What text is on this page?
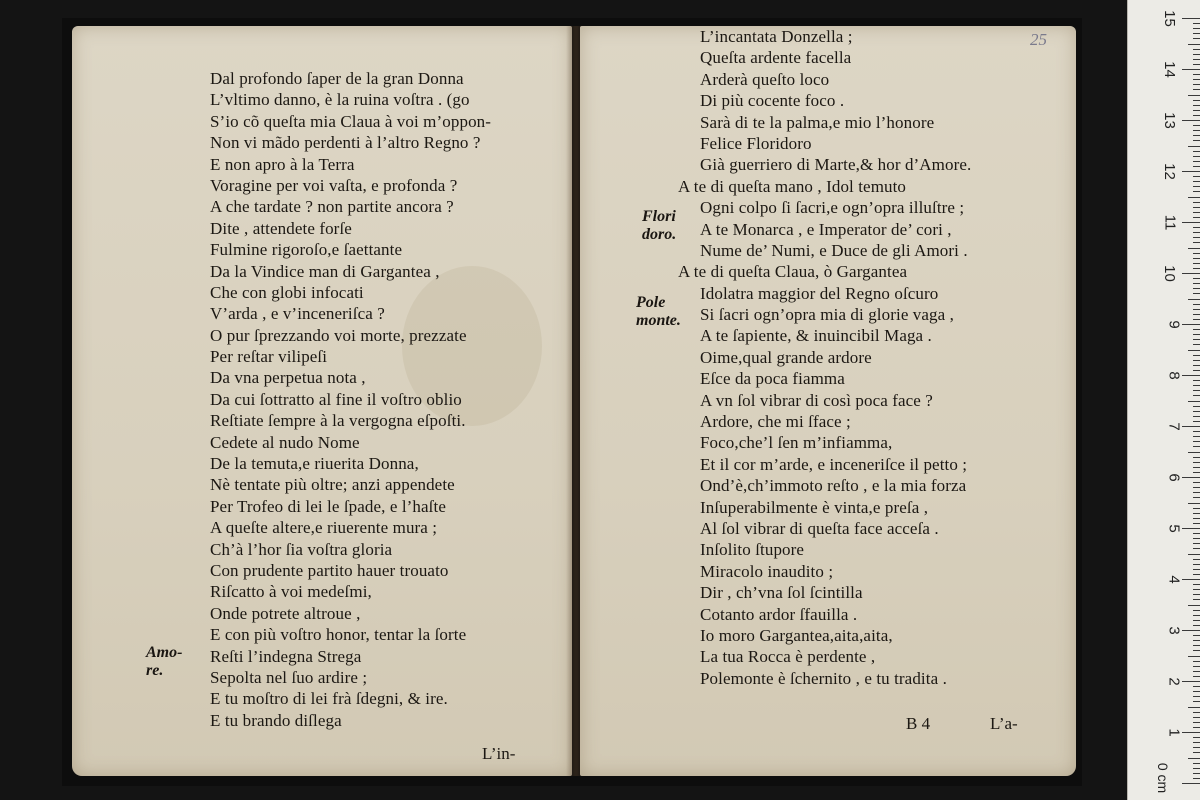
Dal profondo ſaper de la gran Donna
L’vltimo danno, è la ruina voſtra . (go
S’io cõ queſta mia Claua à voi m’oppon-
Non vi mãdo perdenti à l’altro Regno ?
E non apro à la Terra
Voragine per voi vaſta, e profonda ?
A che tardate ? non partite ancora ?
Dite , attendete forſe
Fulmine rigoroſo,e ſaettante
Da la Vindice man di Gargantea ,
Che con globi infocati
V’arda , e v’inceneriſca ?
O pur ſprezzando voi morte, prezzate
Per reſtar vilipeſi
Da vna perpetua nota ,
Da cui ſottratto al fine il voſtro oblio
Reſtiate ſempre à la vergogna eſpoſti.
Cedete al nudo Nome
De la temuta,e riuerita Donna,
Nè tentate più oltre; anzi appendete
Per Trofeo di lei le ſpade, e l’haſte
A queſte altere,e riuerente mura ;
Ch’à l’hor ſia voſtra gloria
Con prudente partito hauer trouato
Riſcatto à voi medeſmi,
Onde potrete altroue ,
E con più voſtro honor, tentar la ſorte
Reſti l’indegna Strega
Sepolta nel ſuo ardire ;
E tu moſtro di lei frà ſdegni, & ire.
E tu brando diſlega
Amo-
re.
L’in-
25
L’incantata Donzella ;
Queſta ardente facella
Arderà queſto loco
Di più cocente foco .
Sarà di te la palma,e mio l’honore
Felice Floridoro
Già guerriero di Marte,& hor d’Amore.
A te di queſta mano , Idol temuto
Ogni colpo ſi ſacri,e ogn’opra illuſtre ;
A te Monarca , e Imperator de’ cori ,
Nume de’ Numi, e Duce de gli Amori .
A te di queſta Claua, ò Gargantea
Idolatra maggior del Regno oſcuro
Si ſacri ogn’opra mia di glorie vaga ,
A te ſapiente, & inuincibil Maga .
Oime,qual grande ardore
Eſce da poca fiamma
A vn ſol vibrar di così poca face ?
Ardore, che mi ſface ;
Foco,che’l ſen m’infiamma,
Et il cor m’arde, e inceneriſce il petto ;
Ond’è,ch’immoto reſto , e la mia forza
Inſuperabilmente è vinta,e preſa ,
Al ſol vibrar di queſta face acceſa .
Inſolito ſtupore
Miracolo inaudito ;
Dir , ch’vna ſol ſcintilla
Cotanto ardor ſfauilla .
Io moro Gargantea,aita,aita,
La tua Rocca è perdente ,
Polemonte è ſchernito , e tu tradita .
Flori
doro.
Pole
monte.
B 4	L’a-
0 cm
15
14
13
12
11
10
9
8
7
6
5
4
3
2
1
